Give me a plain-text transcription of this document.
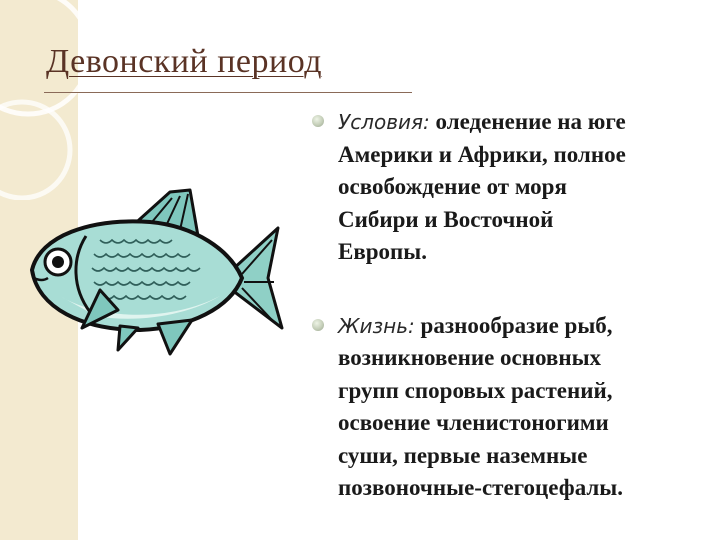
Девонский период
Условия: оледенение на юге
Америки и Африки, полное
освобождение от моря
Сибири и Восточной
Европы.
Жизнь: разнообразие рыб,
возникновение основных
групп споровых растений,
освоение членистоногими
суши, первые наземные
позвоночные-стегоцефалы.
